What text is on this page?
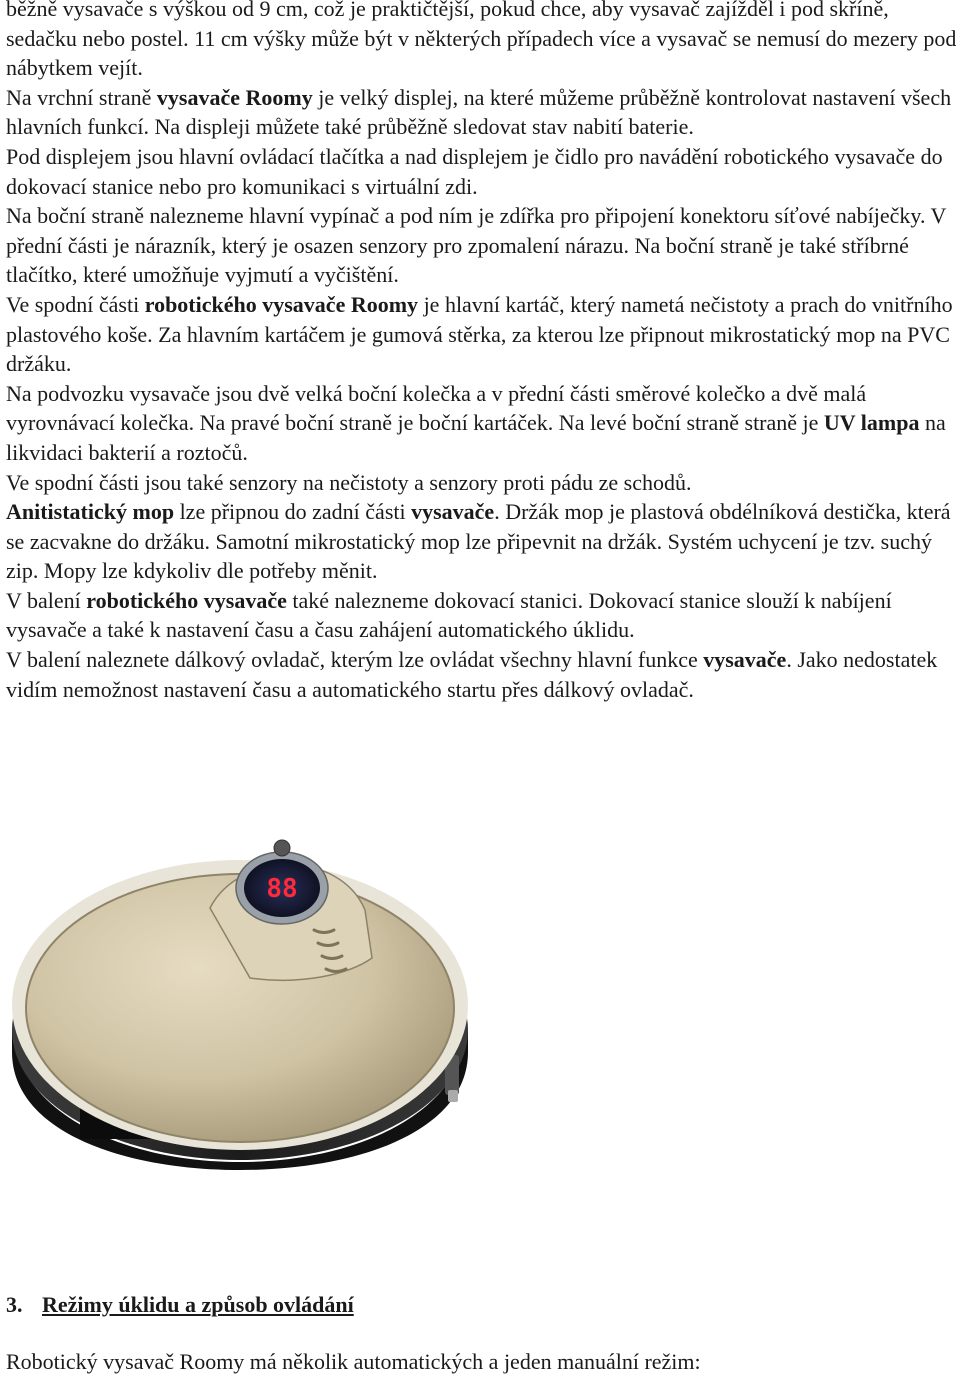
běžně vysavače s výškou od 9 cm, což je praktičtější, pokud chce, aby vysavač zajížděl i pod skříně, sedačku nebo postel. 11 cm výšky může být v některých případech více a vysavač se nemusí do mezery pod nábytkem vejít.

Na vrchní straně vysavače Roomy je velký displej, na které můžeme průběžně kontrolovat nastavení všech hlavních funkcí. Na displeji můžete také průběžně sledovat stav nabití baterie.

Pod displejem jsou hlavní ovládací tlačítka a nad displejem je čidlo pro navádění robotického vysavače do dokovací stanice nebo pro komunikaci s virtuální zdi.

Na boční straně nalezneme hlavní vypínač a pod ním je zdířka pro připojení konektoru síťové nabíječky. V přední části je nárazník, který je osazen senzory pro zpomalení nárazu. Na boční straně je také stříbrné tlačítko, které umožňuje vyjmutí a vyčištění.

Ve spodní části robotického vysavače Roomy je hlavní kartáč, který nametá nečistoty a prach do vnitřního plastového koše. Za hlavním kartáčem je gumová stěrka, za kterou lze připnout mikrostatický mop na PVC držáku.

Na podvozku vysavače jsou dvě velká boční kolečka a v přední části směrové kolečko a dvě malá vyrovnávací kolečka. Na pravé boční straně je boční kartáček. Na levé boční straně straně je UV lampa na likvidaci bakterií a roztočů.

Ve spodní části jsou také senzory na nečistoty a senzory proti pádu ze schodů.

Anitistatický mop lze připnou do zadní části vysavače. Držák mop je plastová obdélníková destička, která se zacvakne do držáku. Samotní mikrostatický mop lze připevnit na držák. Systém uchycení je tzv. suchý zip. Mopy lze kdykoliv dle potřeby měnit.

V balení robotického vysavače také nalezneme dokovací stanici. Dokovací stanice slouží k nabíjení vysavače a také k nastavení času a času zahájení automatického úklidu.

V balení naleznete dálkový ovladač, kterým lze ovládat všechny hlavní funkce vysavače. Jako nedostatek vidím nemožnost nastavení času a automatického startu přes dálkový ovladač.

88
3. Režimy úklidu a způsob ovládání

Robotický vysavač Roomy má několik automatických a jeden manuální režim:
